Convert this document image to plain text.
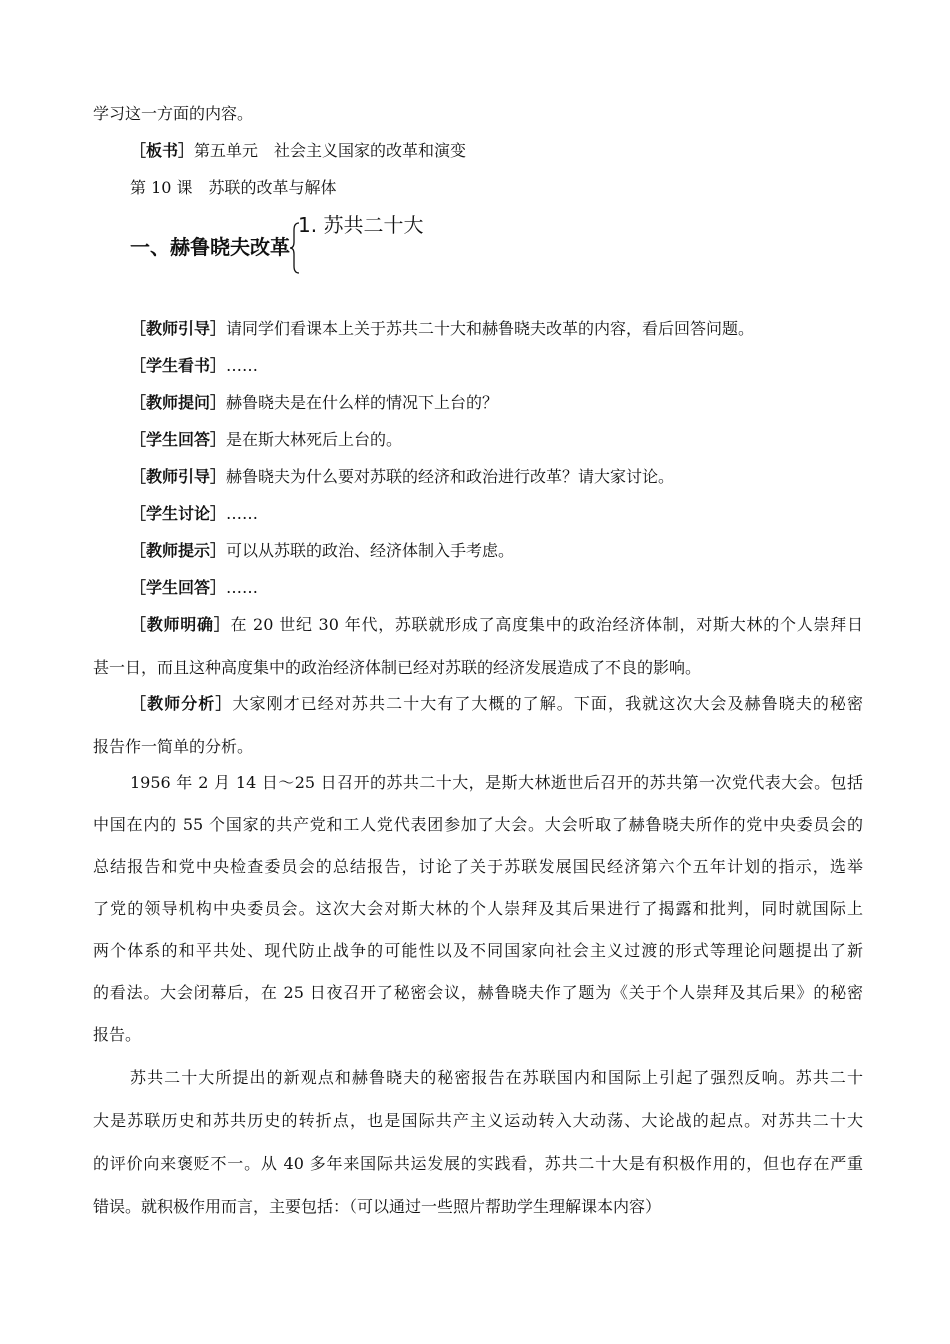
学习这一方面的内容。
［板书］第五单元　社会主义国家的改革和演变
第 10 课　苏联的改革与解体
一、赫鲁晓夫改革
1. 苏共二十大
［教师引导］请同学们看课本上关于苏共二十大和赫鲁晓夫改革的内容，看后回答问题。
［学生看书］……
［教师提问］赫鲁晓夫是在什么样的情况下上台的？
［学生回答］是在斯大林死后上台的。
［教师引导］赫鲁晓夫为什么要对苏联的经济和政治进行改革？请大家讨论。
［学生讨论］……
［教师提示］可以从苏联的政治、经济体制入手考虑。
［学生回答］……
［教师明确］在 20 世纪 30 年代，苏联就形成了高度集中的政治经济体制，对斯大林的个人崇拜日
甚一日，而且这种高度集中的政治经济体制已经对苏联的经济发展造成了不良的影响。
［教师分析］大家刚才已经对苏共二十大有了大概的了解。下面，我就这次大会及赫鲁晓夫的秘密
报告作一简单的分析。
1956 年 2 月 14 日～25 日召开的苏共二十大，是斯大林逝世后召开的苏共第一次党代表大会。包括
中国在内的 55 个国家的共产党和工人党代表团参加了大会。大会听取了赫鲁晓夫所作的党中央委员会的
总结报告和党中央检查委员会的总结报告，讨论了关于苏联发展国民经济第六个五年计划的指示，选举
了党的领导机构中央委员会。这次大会对斯大林的个人崇拜及其后果进行了揭露和批判，同时就国际上
两个体系的和平共处、现代防止战争的可能性以及不同国家向社会主义过渡的形式等理论问题提出了新
的看法。大会闭幕后，在 25 日夜召开了秘密会议，赫鲁晓夫作了题为《关于个人崇拜及其后果》的秘密
报告。
苏共二十大所提出的新观点和赫鲁晓夫的秘密报告在苏联国内和国际上引起了强烈反响。苏共二十
大是苏联历史和苏共历史的转折点，也是国际共产主义运动转入大动荡、大论战的起点。对苏共二十大
的评价向来褒贬不一。从 40 多年来国际共运发展的实践看，苏共二十大是有积极作用的，但也存在严重
错误。就积极作用而言，主要包括：（可以通过一些照片帮助学生理解课本内容）
